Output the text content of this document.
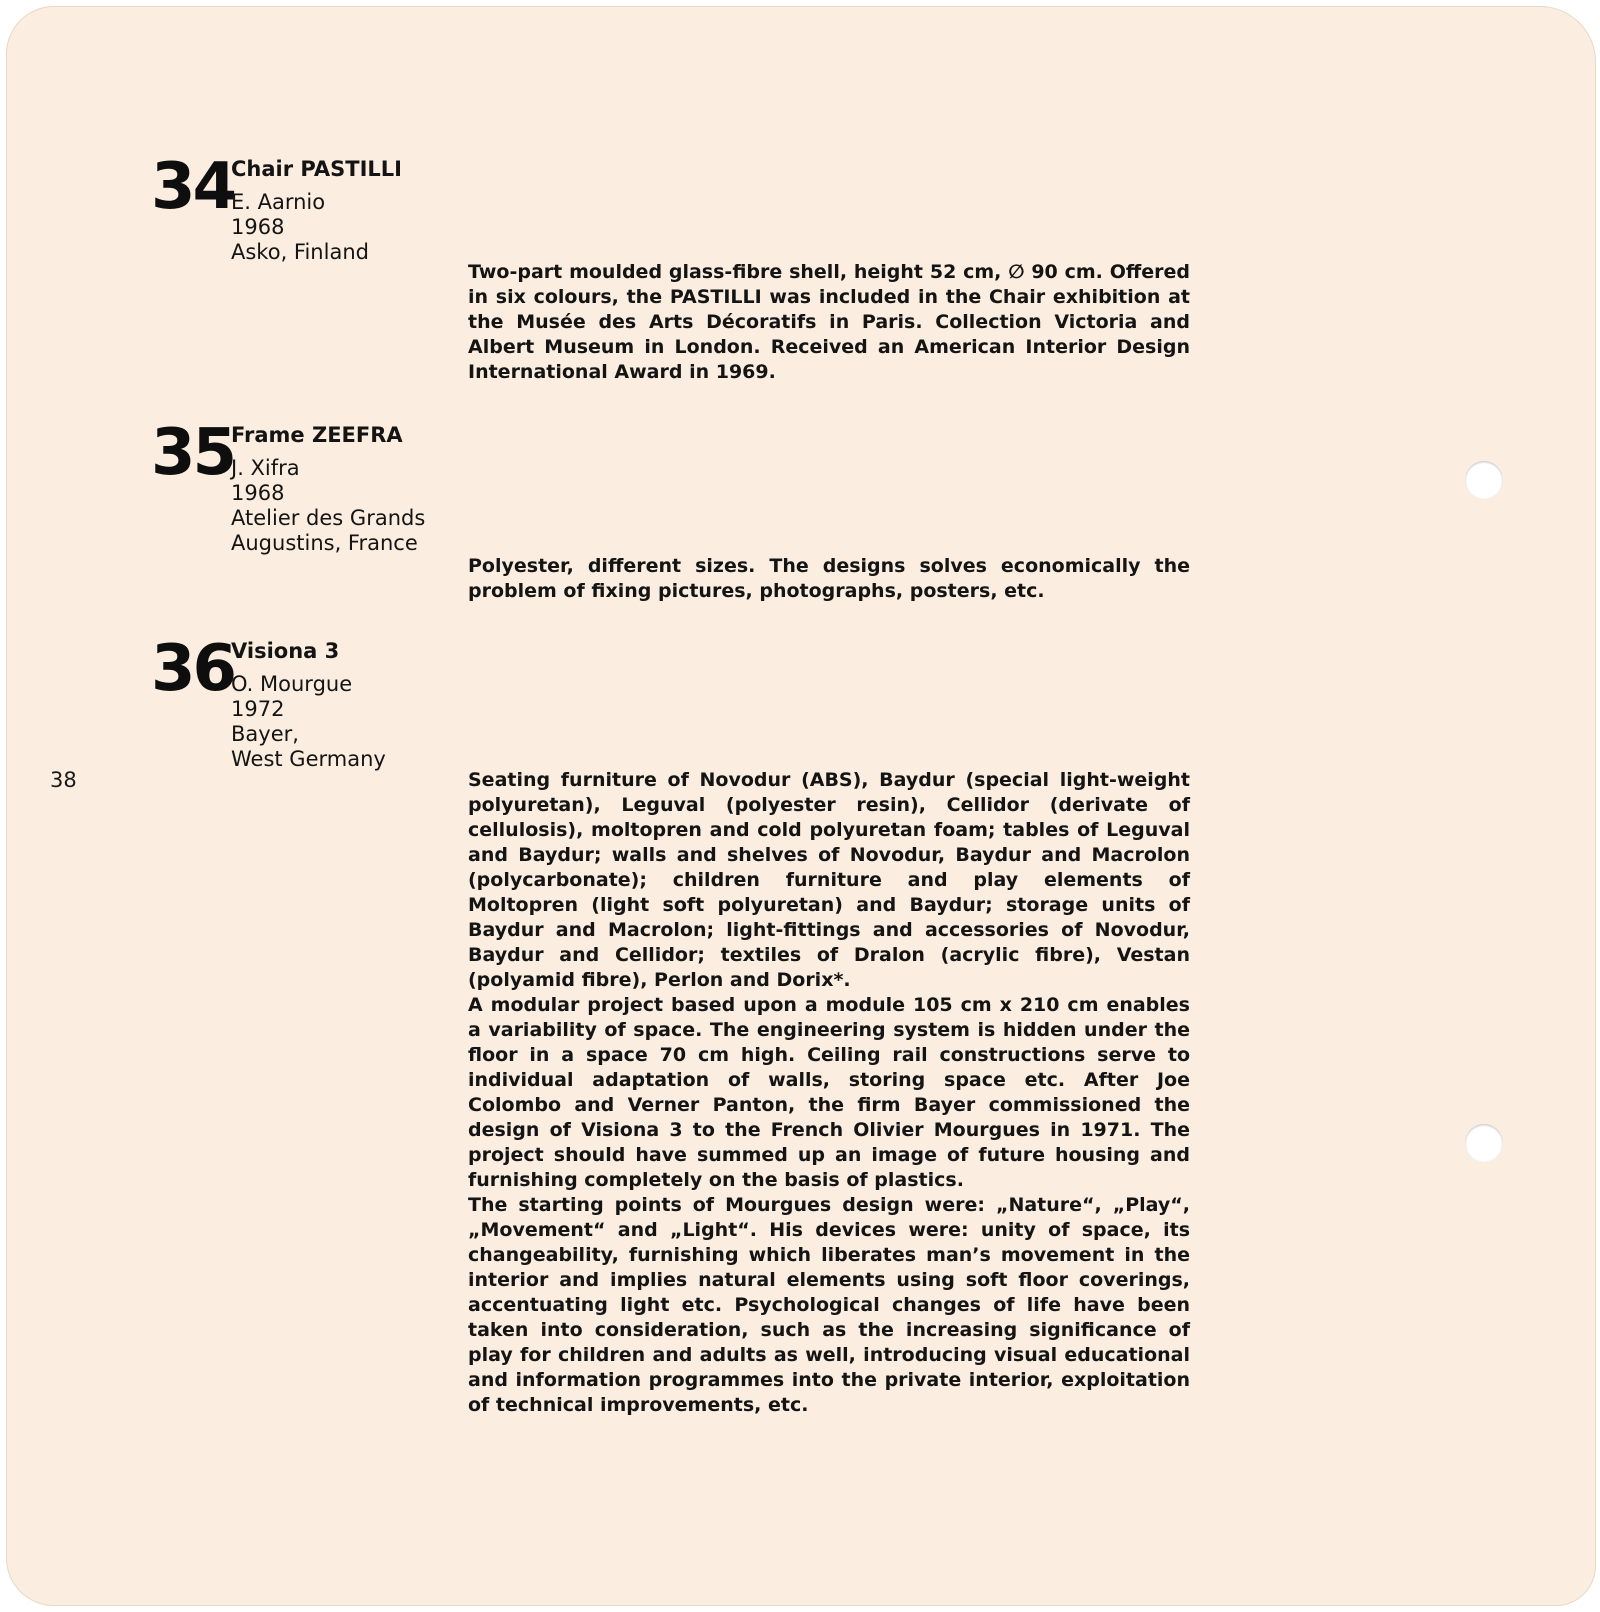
34
Chair PASTILLI
E. Aarnio
1968
Asko, Finland

Two-part moulded glass-fibre shell, height 52 cm, ∅ 90 cm. Offered in six colours, the PASTILLI was included in the Chair exhibition at the Musée des Arts Décoratifs in Paris. Collection Victoria and Albert Museum in London. Received an American Interior Design International Award in 1969.

35
Frame ZEEFRA
J. Xifra
1968
Atelier des Grands
Augustins, France

Polyester, different sizes. The designs solves economically the problem of fixing pictures, photographs, posters, etc.

36
Visiona 3
O. Mourgue
1972
Bayer,
West Germany

Seating furniture of Novodur (ABS), Baydur (special light-weight polyuretan), Leguval (polyester resin), Cellidor (derivate of cellulosis), moltopren and cold polyuretan foam; tables of Leguval and Baydur; walls and shelves of Novodur, Baydur and Macrolon (polycarbonate); children furniture and play elements of Moltopren (light soft polyuretan) and Baydur; storage units of Baydur and Macrolon; light-fittings and accessories of Novodur, Baydur and Cellidor; textiles of Dralon (acrylic fibre), Vestan (polyamid fibre), Perlon and Dorix*.

A modular project based upon a module 105 cm x 210 cm enables a variability of space. The engineering system is hidden under the floor in a space 70 cm high. Ceiling rail constructions serve to individual adaptation of walls, storing space etc. After Joe Colombo and Verner Panton, the firm Bayer commissioned the design of Visiona 3 to the French Olivier Mourgues in 1971. The project should have summed up an image of future housing and furnishing completely on the basis of plastics.

The starting points of Mourgues design were: „Nature“, „Play“, „Movement“ and „Light“. His devices were: unity of space, its changeability, furnishing which liberates man’s movement in the interior and implies natural elements using soft floor coverings, accentuating light etc. Psychological changes of life have been taken into consideration, such as the increasing significance of play for children and adults as well, introducing visual educational and information programmes into the private interior, exploitation of technical improvements, etc.

38
